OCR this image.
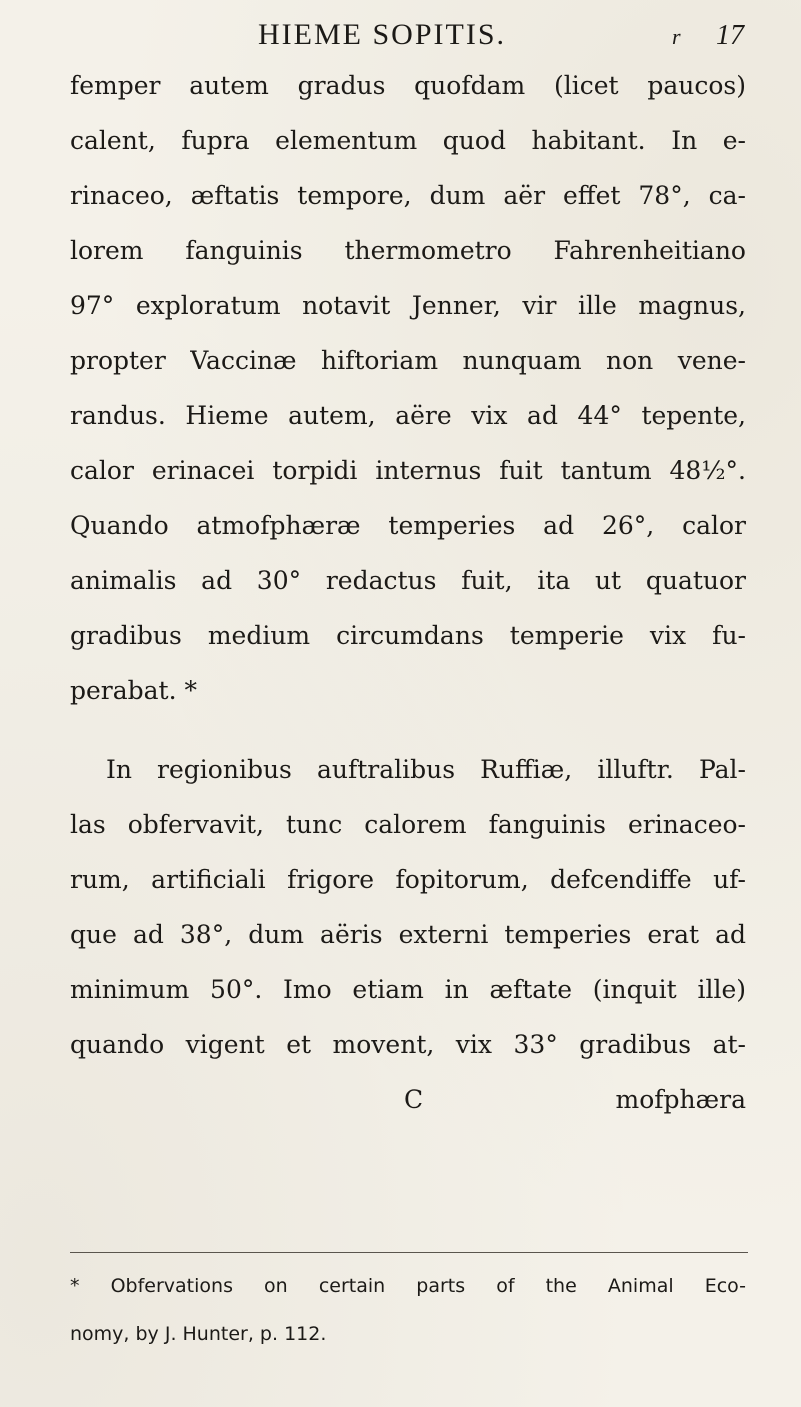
HIEME SOPITIS.	r 17
femper autem gradus quofdam (licet paucos)
calent, fupra elementum quod habitant. In e-
rinaceo, æftatis tempore, dum aër effet 78°, ca-
lorem fanguinis thermometro Fahrenheitiano
97° exploratum notavit Jenner, vir ille magnus,
propter Vaccinæ hiftoriam nunquam non vene-
randus. Hieme autem, aëre vix ad 44° tepente,
calor erinacei torpidi internus fuit tantum 48½°.
Quando atmofphæræ temperies ad 26°, calor
animalis ad 30° redactus fuit, ita ut quatuor
gradibus medium circumdans temperie vix fu-
perabat. *
In regionibus auftralibus Ruffiæ, illuftr. Pal-
las obfervavit, tunc calorem fanguinis erinaceo-
rum, artificiali frigore fopitorum, defcendiffe uf-
que ad 38°, dum aëris externi temperies erat ad
minimum 50°. Imo etiam in æftate (inquit ille)
quando vigent et movent, vix 33° gradibus at-
C	mofphæra
* Obfervations on certain parts of the Animal Eco-
nomy, by J. Hunter, p. 112.
